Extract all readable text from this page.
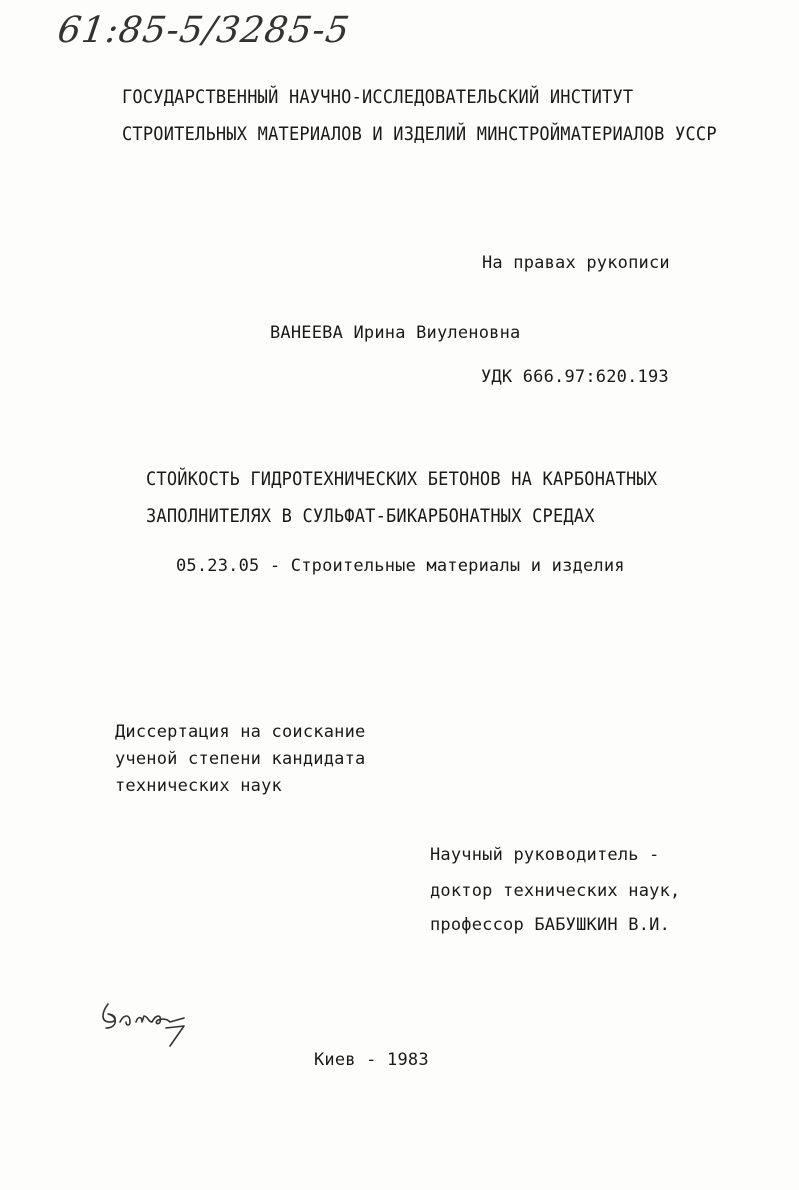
61:85-5/3285-5
ГОСУДАРСТВЕННЫЙ НАУЧНО-ИССЛЕДОВАТЕЛЬСКИЙ ИНСТИТУТ
СТРОИТЕЛЬНЫХ МАТЕРИАЛОВ И ИЗДЕЛИЙ МИНСТРОЙМАТЕРИАЛОВ УССР
На правах рукописи
ВАНЕЕВА Ирина Виуленовна
УДК 666.97:620.193
СТОЙКОСТЬ ГИДРОТЕХНИЧЕСКИХ БЕТОНОВ НА КАРБОНАТНЫХ
ЗАПОЛНИТЕЛЯХ В СУЛЬФАТ-БИКАРБОНАТНЫХ СРЕДАХ
05.23.05 - Строительные материалы и изделия
Диссертация на соискание
ученой степени кандидата
технических наук
Научный руководитель -
доктор технических наук,
профессор БАБУШКИН В.И.
Киев - 1983
